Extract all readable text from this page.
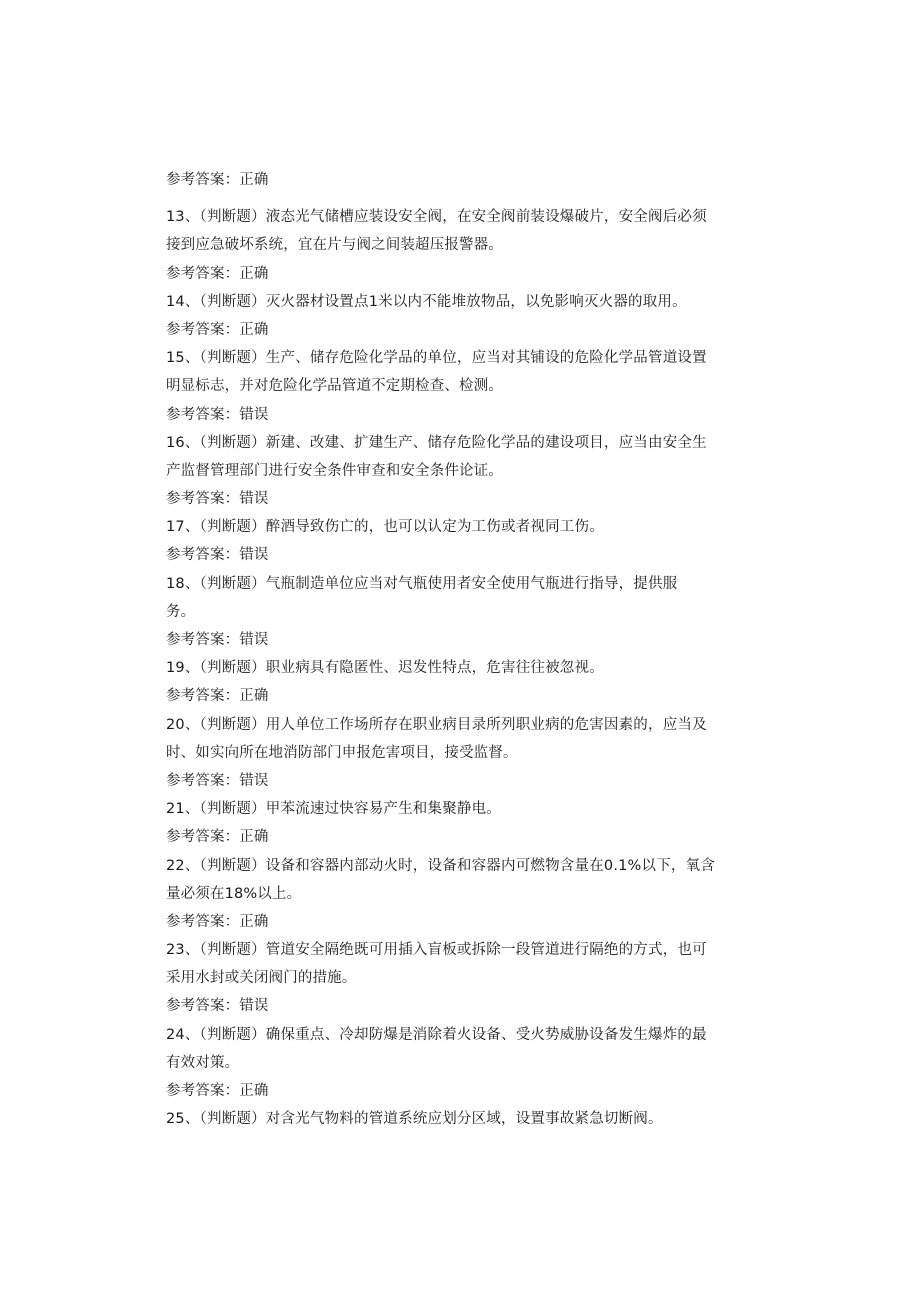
参考答案：正确
13、（判断题）液态光气储槽应装设安全阀，在安全阀前装设爆破片，安全阀后必须
接到应急破坏系统，宜在片与阀之间装超压报警器。
参考答案：正确
14、（判断题）灭火器材设置点1米以内不能堆放物品，以免影响灭火器的取用。
参考答案：正确
15、（判断题）生产、储存危险化学品的单位，应当对其铺设的危险化学品管道设置
明显标志，并对危险化学品管道不定期检查、检测。
参考答案：错误
16、（判断题）新建、改建、扩建生产、储存危险化学品的建设项目，应当由安全生
产监督管理部门进行安全条件审查和安全条件论证。
参考答案：错误
17、（判断题）醉酒导致伤亡的，也可以认定为工伤或者视同工伤。
参考答案：错误
18、（判断题）气瓶制造单位应当对气瓶使用者安全使用气瓶进行指导，提供服
务。
参考答案：错误
19、（判断题）职业病具有隐匿性、迟发性特点，危害往往被忽视。
参考答案：正确
20、（判断题）用人单位工作场所存在职业病目录所列职业病的危害因素的，应当及
时、如实向所在地消防部门申报危害项目，接受监督。
参考答案：错误
21、（判断题）甲苯流速过快容易产生和集聚静电。
参考答案：正确
22、（判断题）设备和容器内部动火时，设备和容器内可燃物含量在0.1%以下，氧含
量必须在18%以上。
参考答案：正确
23、（判断题）管道安全隔绝既可用插入盲板或拆除一段管道进行隔绝的方式，也可
采用水封或关闭阀门的措施。
参考答案：错误
24、（判断题）确保重点、冷却防爆是消除着火设备、受火势威胁设备发生爆炸的最
有效对策。
参考答案：正确
25、（判断题）对含光气物料的管道系统应划分区域，设置事故紧急切断阀。
